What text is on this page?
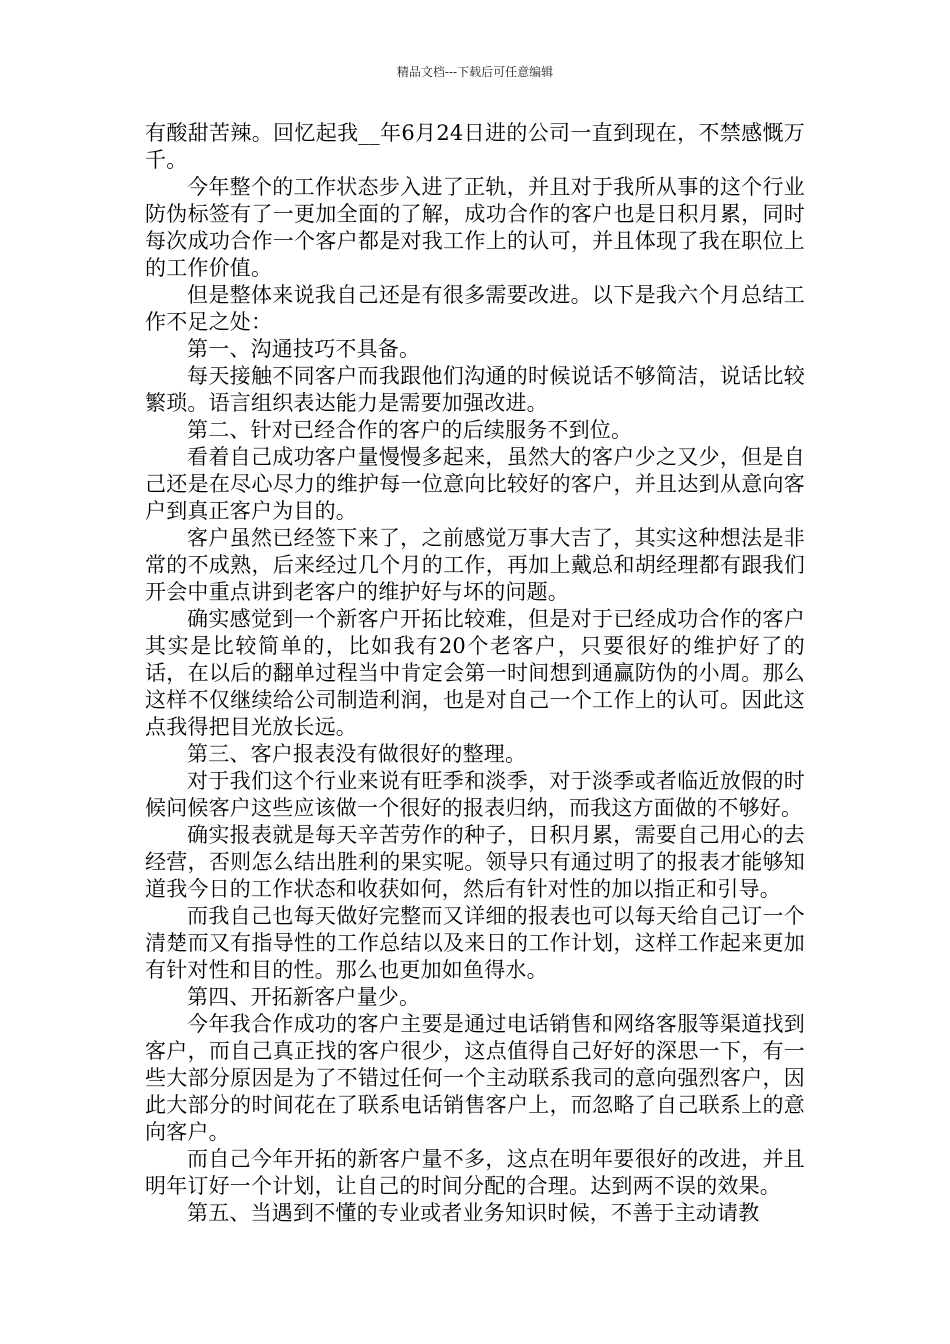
精品文档---下载后可任意编辑

有酸甜苦辣。回忆起我__年6月24日进的公司一直到现在，不禁感慨万千。

今年整个的工作状态步入进了正轨，并且对于我所从事的这个行业防伪标签有了一更加全面的了解，成功合作的客户也是日积月累，同时每次成功合作一个客户都是对我工作上的认可，并且体现了我在职位上的工作价值。

但是整体来说我自己还是有很多需要改进。以下是我六个月总结工作不足之处：

第一、沟通技巧不具备。

每天接触不同客户而我跟他们沟通的时候说话不够简洁，说话比较繁琐。语言组织表达能力是需要加强改进。

第二、针对已经合作的客户的后续服务不到位。

看着自己成功客户量慢慢多起来，虽然大的客户少之又少，但是自己还是在尽心尽力的维护每一位意向比较好的客户，并且达到从意向客户到真正客户为目的。

客户虽然已经签下来了，之前感觉万事大吉了，其实这种想法是非常的不成熟，后来经过几个月的工作，再加上戴总和胡经理都有跟我们开会中重点讲到老客户的维护好与坏的问题。

确实感觉到一个新客户开拓比较难，但是对于已经成功合作的客户其实是比较简单的，比如我有20个老客户，只要很好的维护好了的话，在以后的翻单过程当中肯定会第一时间想到通赢防伪的小周。那么这样不仅继续给公司制造利润，也是对自己一个工作上的认可。因此这点我得把目光放长远。

第三、客户报表没有做很好的整理。

对于我们这个行业来说有旺季和淡季，对于淡季或者临近放假的时候问候客户这些应该做一个很好的报表归纳，而我这方面做的不够好。

确实报表就是每天辛苦劳作的种子，日积月累，需要自己用心的去经营，否则怎么结出胜利的果实呢。领导只有通过明了的报表才能够知道我今日的工作状态和收获如何，然后有针对性的加以指正和引导。

而我自己也每天做好完整而又详细的报表也可以每天给自己订一个清楚而又有指导性的工作总结以及来日的工作计划，这样工作起来更加有针对性和目的性。那么也更加如鱼得水。

第四、开拓新客户量少。

今年我合作成功的客户主要是通过电话销售和网络客服等渠道找到客户，而自己真正找的客户很少，这点值得自己好好的深思一下，有一些大部分原因是为了不错过任何一个主动联系我司的意向强烈客户，因此大部分的时间花在了联系电话销售客户上，而忽略了自己联系上的意向客户。

而自己今年开拓的新客户量不多，这点在明年要很好的改进，并且明年订好一个计划，让自己的时间分配的合理。达到两不误的效果。

第五、当遇到不懂的专业或者业务知识时候，不善于主动请教
